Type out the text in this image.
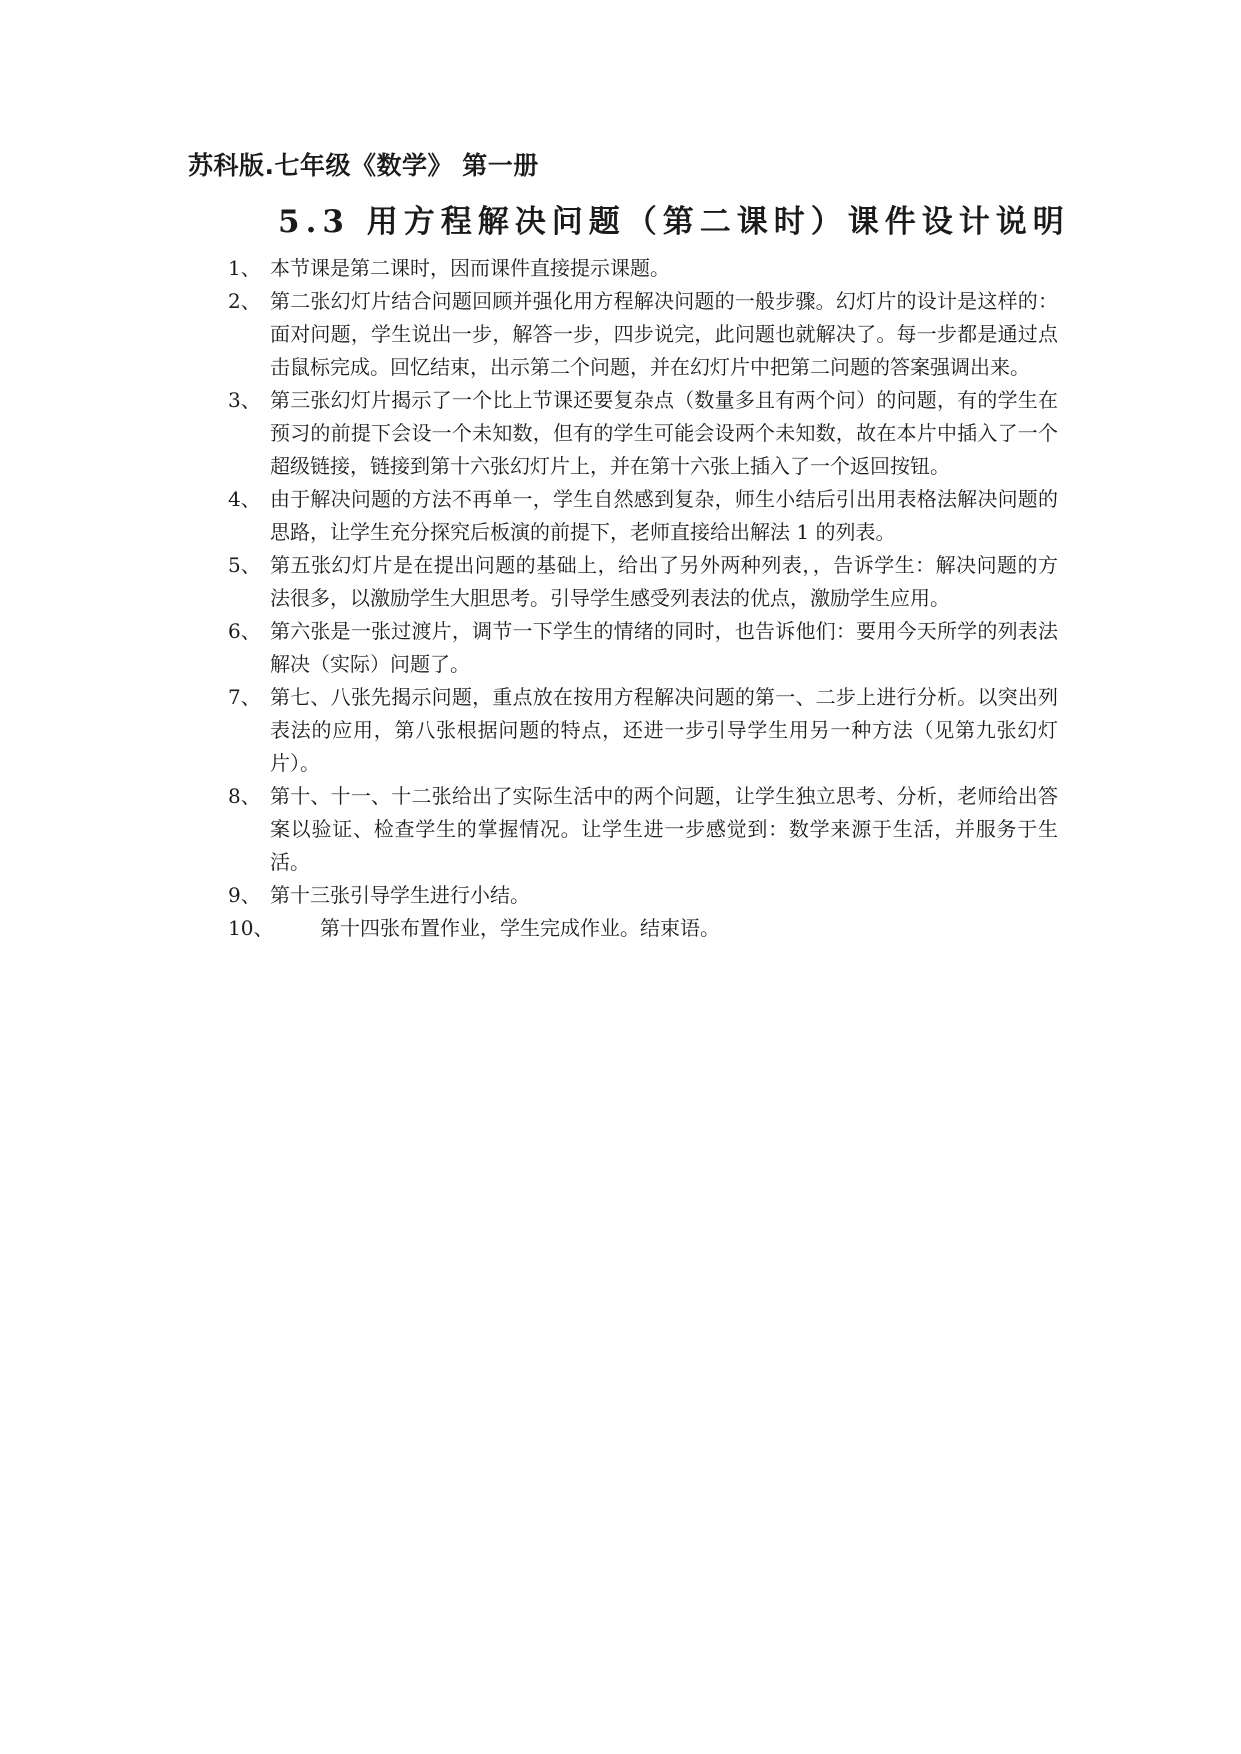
苏科版.七年级《数学》 第一册
5.3 用方程解决问题（第二课时）课件设计说明
1、 本节课是第二课时，因而课件直接提示课题。
2、 第二张幻灯片结合问题回顾并强化用方程解决问题的一般步骤。幻灯片的设计是这样的：面对问题，学生说出一步，解答一步，四步说完，此问题也就解决了。每一步都是通过点击鼠标完成。回忆结束，出示第二个问题，并在幻灯片中把第二问题的答案强调出来。
3、 第三张幻灯片揭示了一个比上节课还要复杂点（数量多且有两个问）的问题，有的学生在预习的前提下会设一个未知数，但有的学生可能会设两个未知数，故在本片中插入了一个超级链接，链接到第十六张幻灯片上，并在第十六张上插入了一个返回按钮。
4、 由于解决问题的方法不再单一，学生自然感到复杂，师生小结后引出用表格法解决问题的思路，让学生充分探究后板演的前提下，老师直接给出解法 1 的列表。
5、 第五张幻灯片是在提出问题的基础上，给出了另外两种列表，，告诉学生：解决问题的方法很多，以激励学生大胆思考。引导学生感受列表法的优点，激励学生应用。
6、 第六张是一张过渡片，调节一下学生的情绪的同时，也告诉他们：要用今天所学的列表法解决（实际）问题了。
7、 第七、八张先揭示问题，重点放在按用方程解决问题的第一、二步上进行分析。以突出列表法的应用，第八张根据问题的特点，还进一步引导学生用另一种方法（见第九张幻灯片）。
8、 第十、十一、十二张给出了实际生活中的两个问题，让学生独立思考、分析，老师给出答案以验证、检查学生的掌握情况。让学生进一步感觉到：数学来源于生活，并服务于生活。
9、 第十三张引导学生进行小结。
10、	第十四张布置作业，学生完成作业。结束语。
